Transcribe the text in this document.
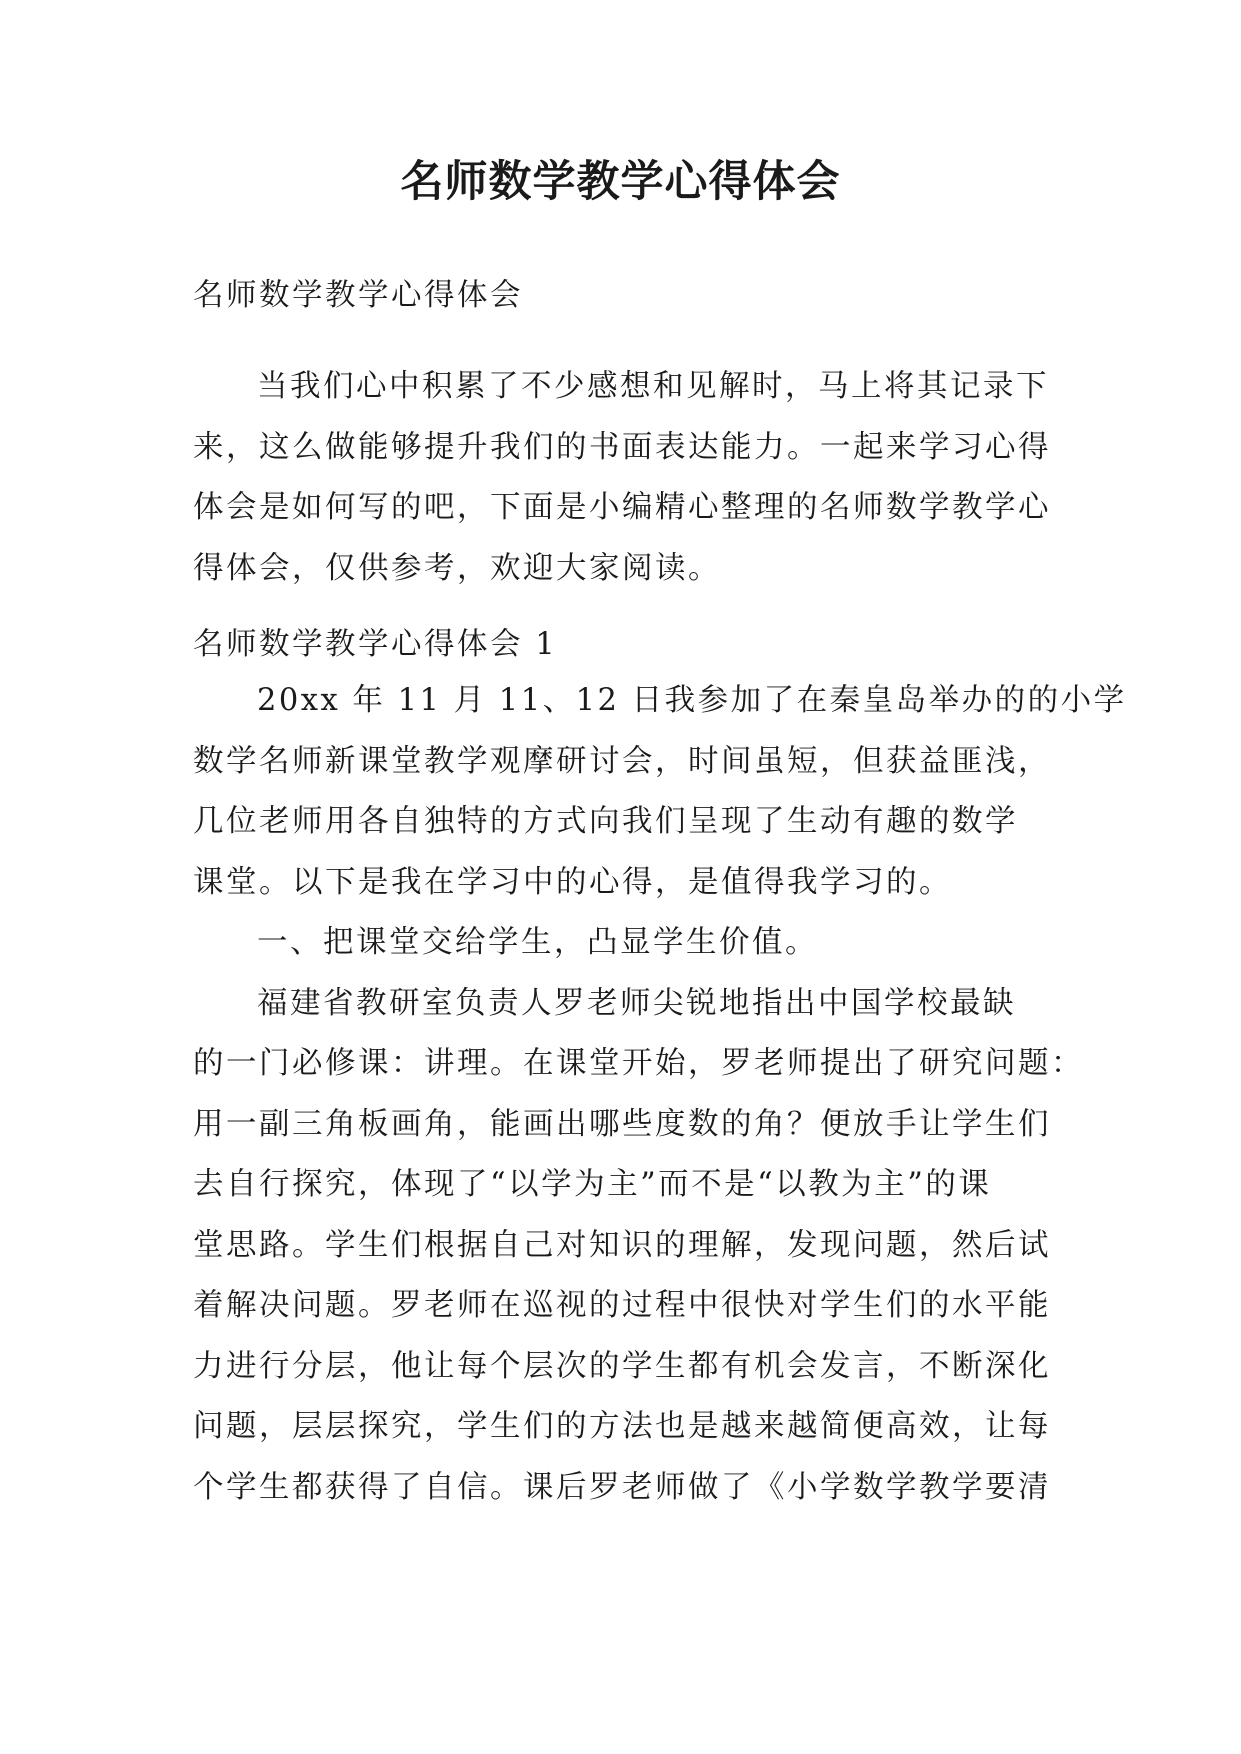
名师数学教学心得体会

名师数学教学心得体会

当我们心中积累了不少感想和见解时，马上将其记录下
来，这么做能够提升我们的书面表达能力。一起来学习心得
体会是如何写的吧，下面是小编精心整理的名师数学教学心
得体会，仅供参考，欢迎大家阅读。

名师数学教学心得体会 1

20xx 年 11 月 11、12 日我参加了在秦皇岛举办的的小学
数学名师新课堂教学观摩研讨会，时间虽短，但获益匪浅，
几位老师用各自独特的方式向我们呈现了生动有趣的数学
课堂。以下是我在学习中的心得，是值得我学习的。
一、把课堂交给学生，凸显学生价值。
福建省教研室负责人罗老师尖锐地指出中国学校最缺
的一门必修课：讲理。在课堂开始，罗老师提出了研究问题：
用一副三角板画角，能画出哪些度数的角？便放手让学生们
去自行探究，体现了“以学为主”而不是“以教为主”的课
堂思路。学生们根据自己对知识的理解，发现问题，然后试
着解决问题。罗老师在巡视的过程中很快对学生们的水平能
力进行分层，他让每个层次的学生都有机会发言，不断深化
问题，层层探究，学生们的方法也是越来越简便高效，让每
个学生都获得了自信。课后罗老师做了《小学数学教学要清
